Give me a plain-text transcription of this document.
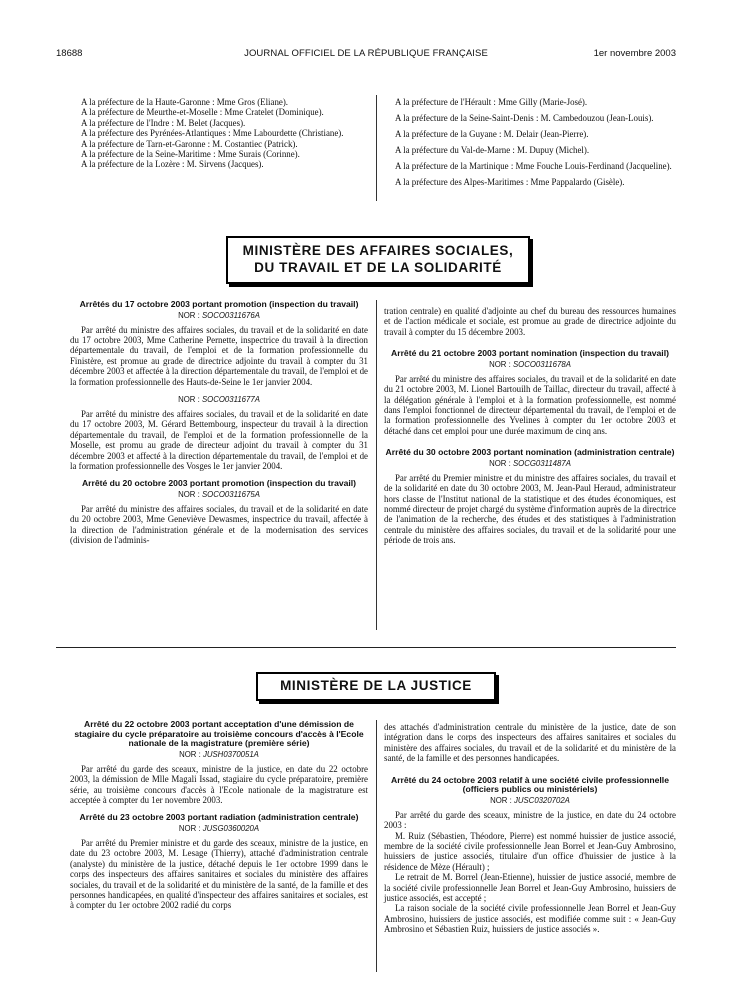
18688	JOURNAL OFFICIEL DE LA RÉPUBLIQUE FRANÇAISE	1er novembre 2003

A la préfecture de la Haute-Garonne : Mme Gros (Eliane).

A la préfecture de Meurthe-et-Moselle : Mme Cratelet (Dominique).

A la préfecture de l'Indre : M. Belet (Jacques).

A la préfecture des Pyrénées-Atlantiques : Mme Labourdette (Christiane).

A la préfecture de Tarn-et-Garonne : M. Costantiec (Patrick).

A la préfecture de la Seine-Maritime : Mme Surais (Corinne).

A la préfecture de la Lozère : M. Sirvens (Jacques).

A la préfecture de l'Hérault : Mme Gilly (Marie-José).

A la préfecture de la Seine-Saint-Denis : M. Cambedouzou (Jean-Louis).

A la préfecture de la Guyane : M. Delair (Jean-Pierre).

A la préfecture du Val-de-Marne : M. Dupuy (Michel).

A la préfecture de la Martinique : Mme Fouche Louis-Ferdinand (Jacqueline).

A la préfecture des Alpes-Maritimes : Mme Pappalardo (Gisèle).

MINISTÈRE DES AFFAIRES SOCIALES,
DU TRAVAIL ET DE LA SOLIDARITÉ
Arrêtés du 17 octobre 2003 portant promotion (inspection du travail)
NOR : SOCO0311676A

Par arrêté du ministre des affaires sociales, du travail et de la solidarité en date du 17 octobre 2003, Mme Catherine Pernette, inspectrice du travail à la direction départementale du travail, de l'emploi et de la formation professionnelle du Finistère, est promue au grade de directrice adjointe du travail à compter du 31 décembre 2003 et affectée à la direction départementale du travail, de l'emploi et de la formation professionnelle des Hauts-de-Seine le 1er janvier 2004.

NOR : SOCO0311677A

Par arrêté du ministre des affaires sociales, du travail et de la solidarité en date du 17 octobre 2003, M. Gérard Bettembourg, inspecteur du travail à la direction départementale du travail, de l'emploi et de la formation professionnelle de la Moselle, est promu au grade de directeur adjoint du travail à compter du 31 décembre 2003 et affecté à la direction départementale du travail, de l'emploi et de la formation professionnelle des Vosges le 1er janvier 2004.

Arrêté du 20 octobre 2003 portant promotion (inspection du travail)
NOR : SOCO0311675A

Par arrêté du ministre des affaires sociales, du travail et de la solidarité en date du 20 octobre 2003, Mme Geneviève Dewasmes, inspectrice du travail, affectée à la direction de l'administration générale et de la modernisation des services (division de l'adminis-

tration centrale) en qualité d'adjointe au chef du bureau des ressources humaines et de l'action médicale et sociale, est promue au grade de directrice adjointe du travail à compter du 15 décembre 2003.

Arrêté du 21 octobre 2003 portant nomination (inspection du travail)
NOR : SOCO0311678A

Par arrêté du ministre des affaires sociales, du travail et de la solidarité en date du 21 octobre 2003, M. Lionel Bartouilh de Taillac, directeur du travail, affecté à la délégation générale à l'emploi et à la formation professionnelle, est nommé dans l'emploi fonctionnel de directeur départemental du travail, de l'emploi et de la formation professionnelle des Yvelines à compter du 1er octobre 2003 et détaché dans cet emploi pour une durée maximum de cinq ans.

Arrêté du 30 octobre 2003 portant nomination (administration centrale)
NOR : SOCG0311487A

Par arrêté du Premier ministre et du ministre des affaires sociales, du travail et de la solidarité en date du 30 octobre 2003, M. Jean-Paul Heraud, administrateur hors classe de l'Institut national de la statistique et des études économiques, est nommé directeur de projet chargé du système d'information auprès de la directrice de l'animation de la recherche, des études et des statistiques à l'administration centrale du ministère des affaires sociales, du travail et de la solidarité pour une période de trois ans.

MINISTÈRE DE LA JUSTICE
Arrêté du 22 octobre 2003 portant acceptation d'une démission de stagiaire du cycle préparatoire au troisième concours d'accès à l'Ecole nationale de la magistrature (première série)
NOR : JUSH0370051A

Par arrêté du garde des sceaux, ministre de la justice, en date du 22 octobre 2003, la démission de Mlle Magali Issad, stagiaire du cycle préparatoire, première série, au troisième concours d'accès à l'Ecole nationale de la magistrature est acceptée à compter du 1er novembre 2003.

Arrêté du 23 octobre 2003 portant radiation (administration centrale)
NOR : JUSG0360020A

Par arrêté du Premier ministre et du garde des sceaux, ministre de la justice, en date du 23 octobre 2003, M. Lesage (Thierry), attaché d'administration centrale (analyste) du ministère de la justice, détaché depuis le 1er octobre 1999 dans le corps des inspecteurs des affaires sanitaires et sociales du ministère des affaires sociales, du travail et de la solidarité et du ministère de la santé, de la famille et des personnes handicapées, en qualité d'inspecteur des affaires sanitaires et sociales, est à compter du 1er octobre 2002 radié du corps

des attachés d'administration centrale du ministère de la justice, date de son intégration dans le corps des inspecteurs des affaires sanitaires et sociales du ministère des affaires sociales, du travail et de la solidarité et du ministère de la santé, de la famille et des personnes handicapées.

Arrêté du 24 octobre 2003 relatif à une société civile professionnelle (officiers publics ou ministériels)
NOR : JUSC0320702A

Par arrêté du garde des sceaux, ministre de la justice, en date du 24 octobre 2003 :

M. Ruiz (Sébastien, Théodore, Pierre) est nommé huissier de justice associé, membre de la société civile professionnelle Jean Borrel et Jean-Guy Ambrosino, huissiers de justice associés, titulaire d'un office d'huissier de justice à la résidence de Mèze (Hérault) ;

Le retrait de M. Borrel (Jean-Etienne), huissier de justice associé, membre de la société civile professionnelle Jean Borrel et Jean-Guy Ambrosino, huissiers de justice associés, est accepté ;

La raison sociale de la société civile professionnelle Jean Borrel et Jean-Guy Ambrosino, huissiers de justice associés, est modifiée comme suit : « Jean-Guy Ambrosino et Sébastien Ruiz, huissiers de justice associés ».
